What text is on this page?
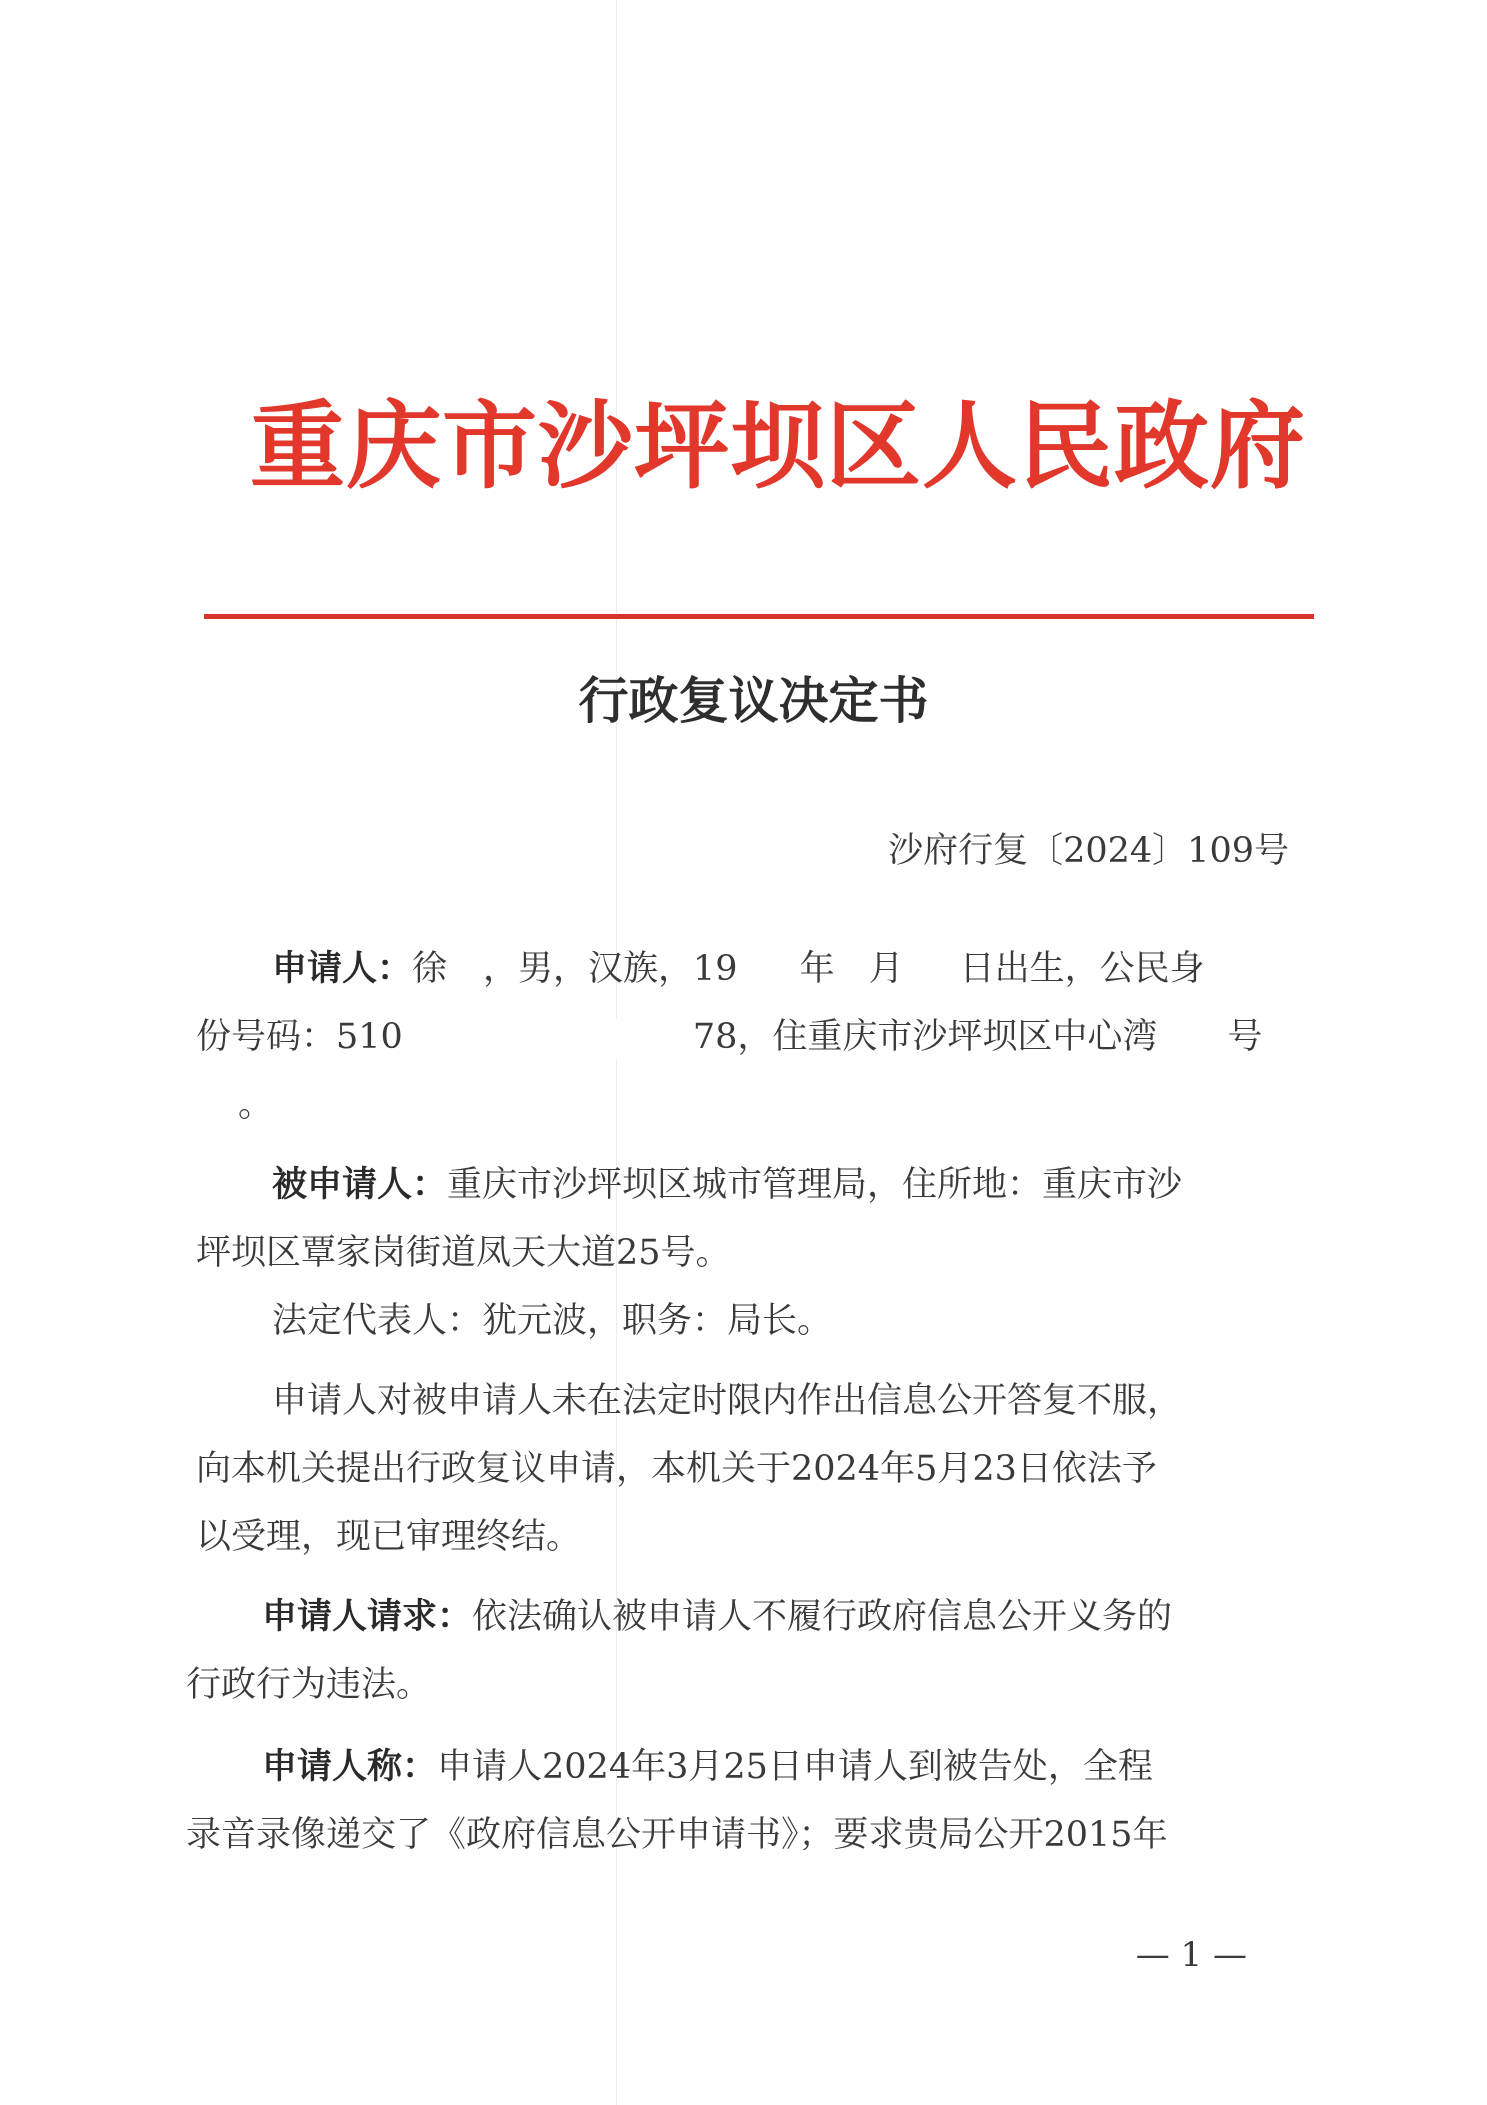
重庆市沙坪坝区人民政府
行政复议决定书
沙府行复〔2024〕109号
申请人：徐 ，男，汉族，19 年 月 日出生，公民身
份号码：510	78，住重庆市沙坪坝区中心湾 号
。
被申请人：重庆市沙坪坝区城市管理局，住所地：重庆市沙
坪坝区覃家岗街道凤天大道25号。
法定代表人：犹元波，职务：局长。
申请人对被申请人未在法定时限内作出信息公开答复不服，
向本机关提出行政复议申请，本机关于2024年5月23日依法予
以受理，现已审理终结。
申请人请求：依法确认被申请人不履行政府信息公开义务的
行政行为违法。
申请人称：申请人2024年3月25日申请人到被告处，全程
录音录像递交了《政府信息公开申请书》；要求贵局公开2015年
— 1 —
